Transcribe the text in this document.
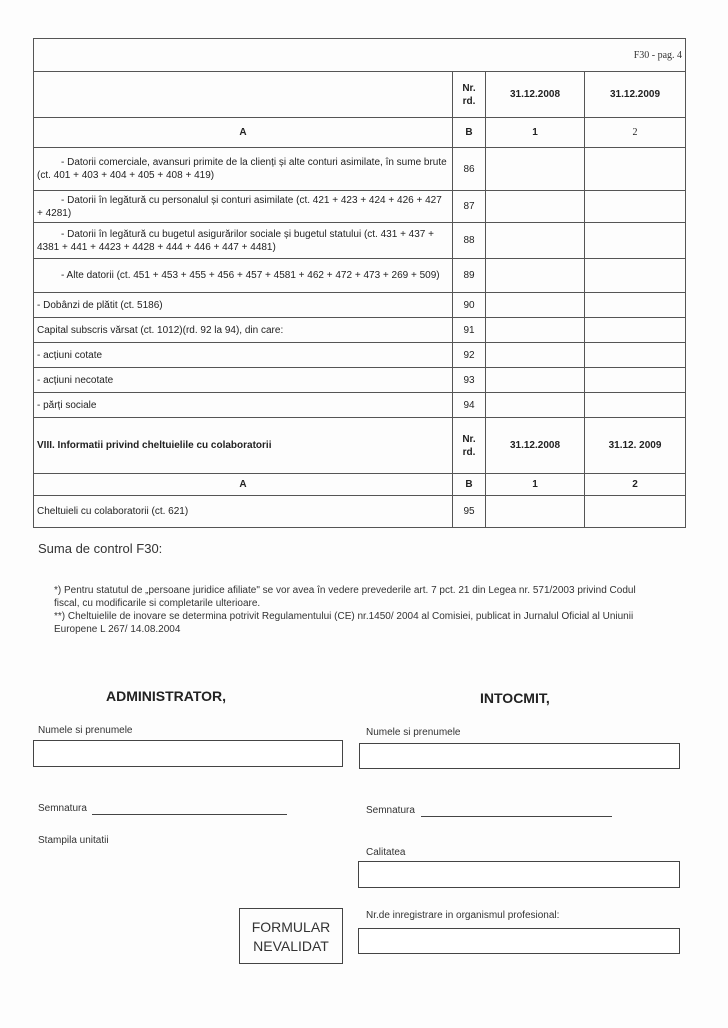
F30 - pag. 4			
	Nr. rd.	31.12.2008	31.12.2009
A	B	1	2
- Datorii comerciale, avansuri primite de la clienți și alte conturi asimilate, în sume brute (ct. 401 + 403 + 404 + 405 + 408 + 419)	86		
- Datorii în legătură cu personalul și conturi asimilate (ct. 421 + 423 + 424 + 426 + 427 + 4281)	87		
- Datorii în legătură cu bugetul asigurărilor sociale și bugetul statului (ct. 431 + 437 + 4381 + 441 + 4423 + 4428 + 444 + 446 + 447 + 4481)	88		
- Alte datorii (ct. 451 + 453 + 455 + 456 + 457 + 4581 + 462 + 472 + 473 + 269 + 509)	89		
- Dobânzi de plătit (ct. 5186)	90		
Capital subscris vărsat (ct. 1012)(rd. 92 la 94), din care:	91		
- acțiuni cotate	92		
- acțiuni necotate	93		
- părți sociale	94		
VIII. Informatii privind cheltuielile cu colaboratorii	Nr. rd.	31.12.2008	31.12. 2009
A	B	1	2
Cheltuieli cu colaboratorii (ct. 621)	95		
Suma de control F30:
*) Pentru statutul de „persoane juridice afiliate" se vor avea în vedere prevederile art. 7 pct. 21 din Legea nr. 571/2003 privind Codul fiscal, cu modificarile si completarile ulterioare.
**) Cheltuielile de inovare se determina potrivit Regulamentului (CE) nr.1450/ 2004 al Comisiei, publicat in Jurnalul Oficial al Uniunii Europene L 267/ 14.08.2004
ADMINISTRATOR,
Numele si prenumele
Semnatura
Stampila unitatii
INTOCMIT,
Numele si prenumele
Semnatura
Calitatea
Nr.de inregistrare in organismul profesional:
FORMULAR
NEVALIDAT
